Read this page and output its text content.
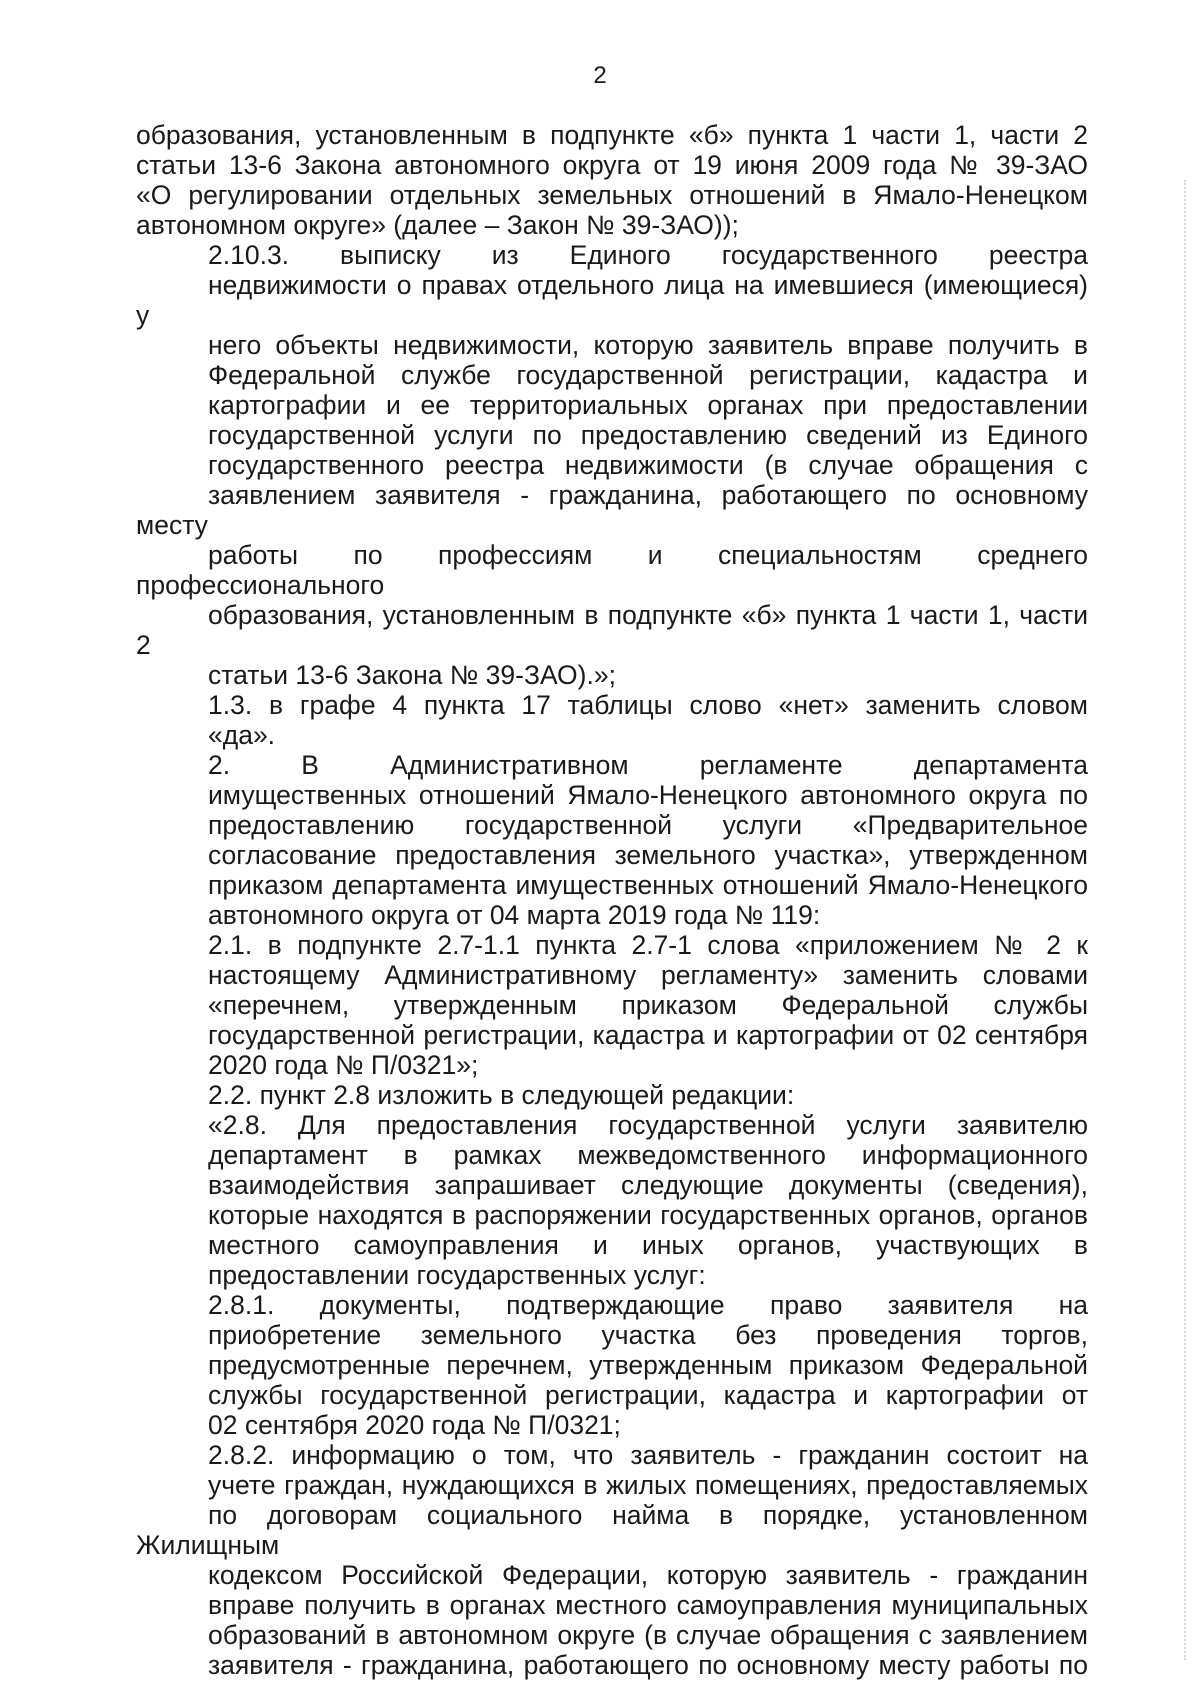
2

образования, установленным в подпункте «б» пункта 1 части 1, части 2
статьи 13-6 Закона автономного округа от 19 июня 2009 года № 39-ЗАО
«О регулировании отдельных земельных отношений в Ямало-Ненецком
автономном округе» (далее – Закон № 39-ЗАО));

2.10.3. выписку из Единого государственного реестра
недвижимости о правах отдельного лица на имевшиеся (имеющиеся) у
него объекты недвижимости, которую заявитель вправе получить в
Федеральной службе государственной регистрации, кадастра и
картографии и ее территориальных органах при предоставлении
государственной услуги по предоставлению сведений из Единого
государственного реестра недвижимости (в случае обращения с
заявлением заявителя - гражданина, работающего по основному месту
работы по профессиям и специальностям среднего профессионального
образования, установленным в подпункте «б» пункта 1 части 1, части 2
статьи 13-6 Закона № 39-ЗАО).»;

1.3. в графе 4 пункта 17 таблицы слово «нет» заменить словом
«да».

2. В Административном регламенте департамента
имущественных отношений Ямало-Ненецкого автономного округа по
предоставлению государственной услуги «Предварительное
согласование предоставления земельного участка», утвержденном
приказом департамента имущественных отношений Ямало-Ненецкого
автономного округа от 04 марта 2019 года № 119:

2.1. в подпункте 2.7-1.1 пункта 2.7-1 слова «приложением № 2 к
настоящему Административному регламенту» заменить словами
«перечнем, утвержденным приказом Федеральной службы
государственной регистрации, кадастра и картографии от 02 сентября
2020 года № П/0321»;

2.2. пункт 2.8 изложить в следующей редакции:

«2.8. Для предоставления государственной услуги заявителю
департамент в рамках межведомственного информационного
взаимодействия запрашивает следующие документы (сведения),
которые находятся в распоряжении государственных органов, органов
местного самоуправления и иных органов, участвующих в
предоставлении государственных услуг:

2.8.1. документы, подтверждающие право заявителя на
приобретение земельного участка без проведения торгов,
предусмотренные перечнем, утвержденным приказом Федеральной
службы государственной регистрации, кадастра и картографии от
02 сентября 2020 года № П/0321;

2.8.2. информацию о том, что заявитель - гражданин состоит на
учете граждан, нуждающихся в жилых помещениях, предоставляемых
по договорам социального найма в порядке, установленном Жилищным
кодексом Российской Федерации, которую заявитель - гражданин
вправе получить в органах местного самоуправления муниципальных
образований в автономном округе (в случае обращения с заявлением
заявителя - гражданина, работающего по основному месту работы по
